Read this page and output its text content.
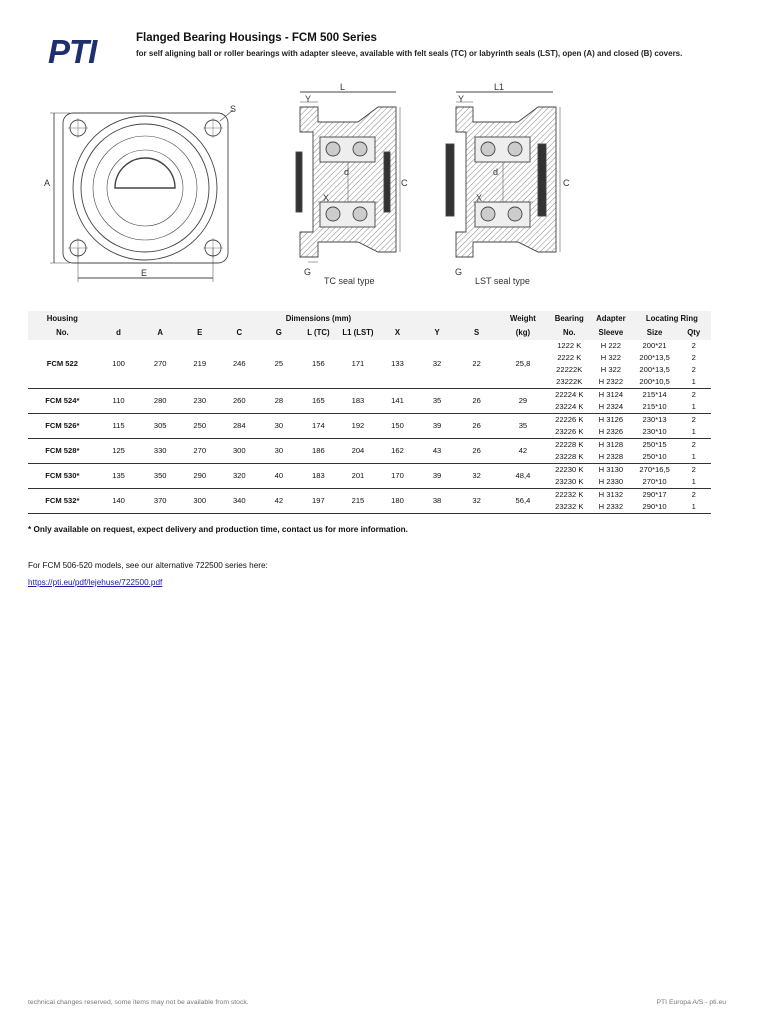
PTI	Flanged Bearing Housings - FCM 500 Series
for self aligning ball or roller bearings with adapter sleeve, available with felt seals (TC) or labyrinth seals (LST), open (A) and closed (B) covers.
A
E
S
L
Y
d
X
C
G
TC seal type
L1
Y
d
X
C
G
LST seal type
Housing					Dimensions (mm)						Weight	Bearing	Adapter	Locating Ring	
No.	d	A	E	C	G	L (TC)	L1 (LST)	X	Y	S	(kg)	No.	Sleeve	Size	Qty
FCM 522	100	270	219	246	25	156	171	133	32	22	25,8	1222 K	H 222	200*21	2
												2222 K	H 322	200*13,5	2
												22222K	H 322	200*13,5	2
												23222K	H 2322	200*10,5	1
FCM 524*	110	280	230	260	28	165	183	141	35	26	29	22224 K	H 3124	215*14	2
												23224 K	H 2324	215*10	1
FCM 526*	115	305	250	284	30	174	192	150	39	26	35	22226 K	H 3126	230*13	2
												23226 K	H 2326	230*10	1
FCM 528*	125	330	270	300	30	186	204	162	43	26	42	22228 K	H 3128	250*15	2
												23228 K	H 2328	250*10	1
FCM 530*	135	350	290	320	40	183	201	170	39	32	48,4	22230 K	H 3130	270*16,5	2
												23230 K	H 2330	270*10	1
FCM 532*	140	370	300	340	42	197	215	180	38	32	56,4	22232 K	H 3132	290*17	2
												23232 K	H 2332	290*10	1
* Only available on request, expect delivery and production time, contact us for more information.
For FCM 506-520 models, see our alternative 722500 series here:
https://pti.eu/pdf/lejehuse/722500.pdf
technical changes reserved, some items may not be available from stock.	PTI Europa A/S - pti.eu
